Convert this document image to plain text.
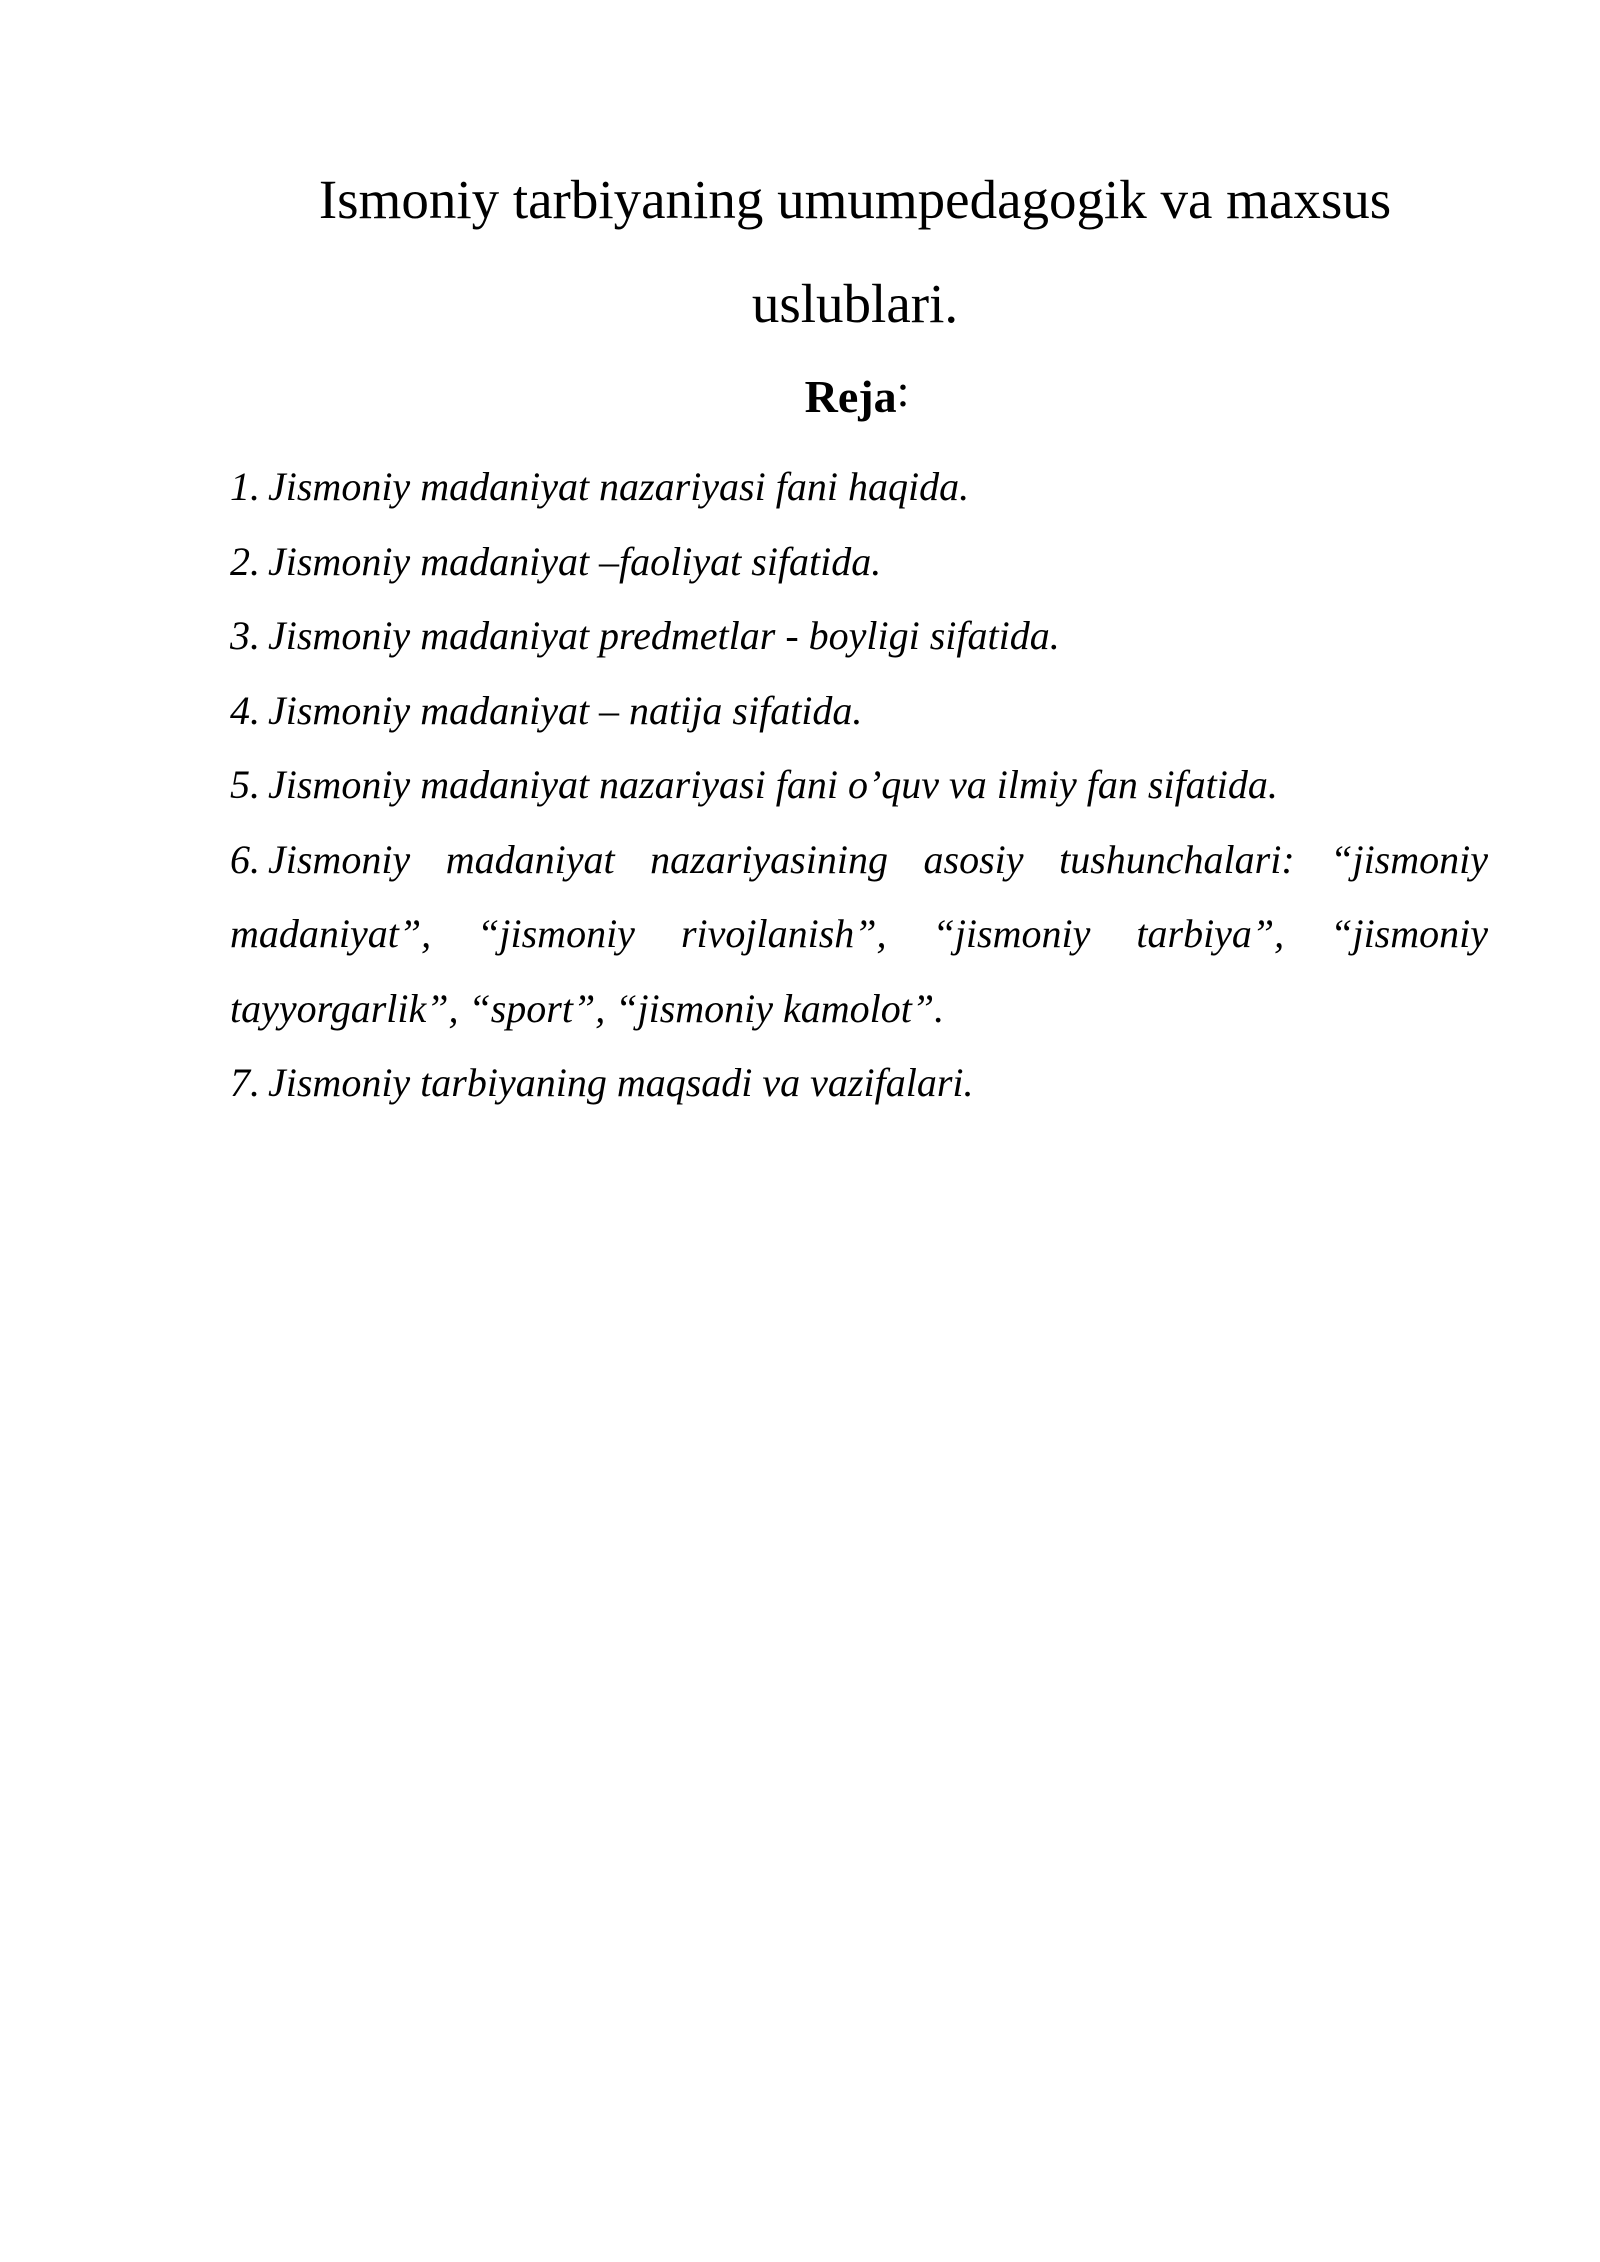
Ismoniy tarbiyaning umumpedagogik va maxsus uslublari.
Reja:
1. Jismoniy madaniyat nazariyasi fani haqida.
2. Jismoniy madaniyat –faoliyat sifatida.
3. Jismoniy madaniyat predmetlar - boyligi sifatida.
4. Jismoniy madaniyat – natija sifatida.
5. Jismoniy madaniyat nazariyasi fani o’quv va ilmiy fan sifatida.
6. Jismoniy madaniyat nazariyasining asosiy tushunchalari: “jismoniy madaniyat”, “jismoniy rivojlanish”, “jismoniy tarbiya”, “jismoniy tayyorgarlik”, “sport”, “jismoniy kamolot”.
7. Jismoniy tarbiyaning maqsadi va vazifalari.
